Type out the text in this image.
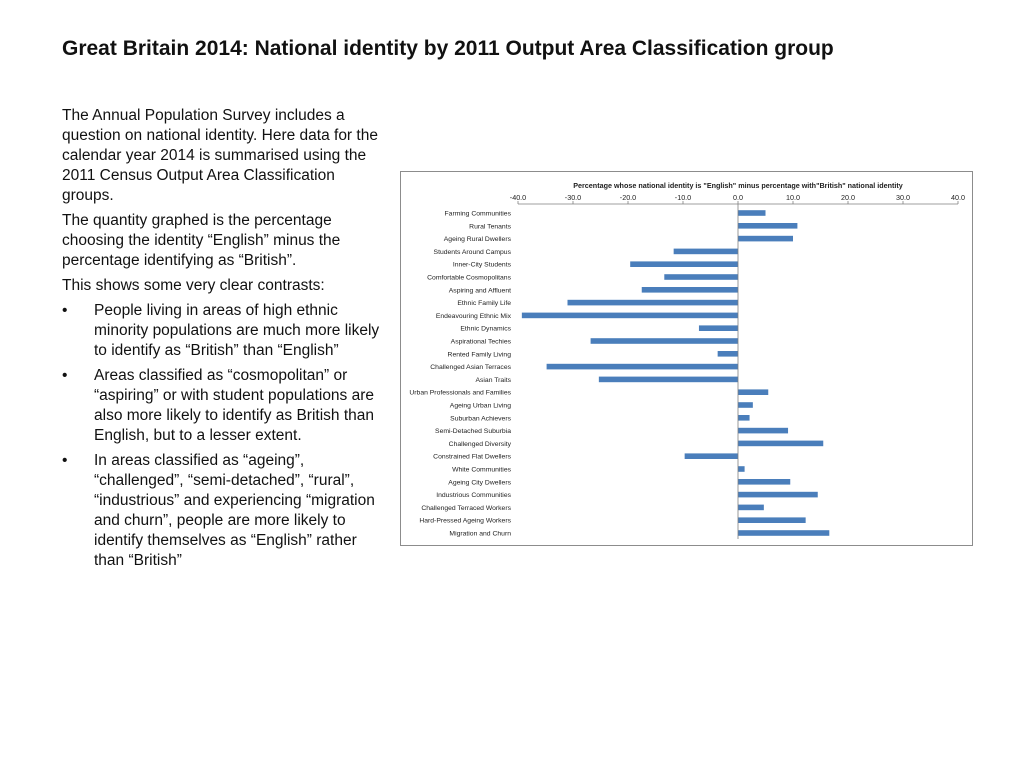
Great Britain 2014: National identity by 2011 Output Area Classification group

The Annual Population Survey includes a question on national identity. Here data for the calendar year 2014 is summarised using the 2011 Census Output Area Classification groups.

The quantity graphed is the percentage choosing the identity “English” minus the percentage identifying as “British”.

This shows some very clear contrasts:

• People living in areas of high ethnic minority populations are much more likely to identify as “British” than “English”
• Areas classified as “cosmopolitan” or “aspiring” or with student populations are also more likely to identify as British than English, but to a lesser extent.
• In areas classified as “ageing”, “challenged”, “semi-detached”, “rural”, “industrious” and experiencing “migration and churn”, people are more likely to identify themselves as “English” rather than “British”
Percentage whose national identity is "English" minus percentage with"British" national identity
-40.0	-30.0	-20.0	-10.0	0.0	10.0	20.0	30.0	40.0
Farming Communities
Rural Tenants
Ageing Rural Dwellers
Students Around Campus
Inner-City Students
Comfortable Cosmopolitans
Aspiring and Affluent
Ethnic Family Life
Endeavouring Ethnic Mix
Ethnic Dynamics
Aspirational Techies
Rented Family Living
Challenged Asian Terraces
Asian Traits
Urban Professionals and Families
Ageing Urban Living
Suburban Achievers
Semi-Detached Suburbia
Challenged Diversity
Constrained Flat Dwellers
White Communities
Ageing City Dwellers
Industrious Communities
Challenged Terraced Workers
Hard-Pressed Ageing Workers
Migration and Churn
